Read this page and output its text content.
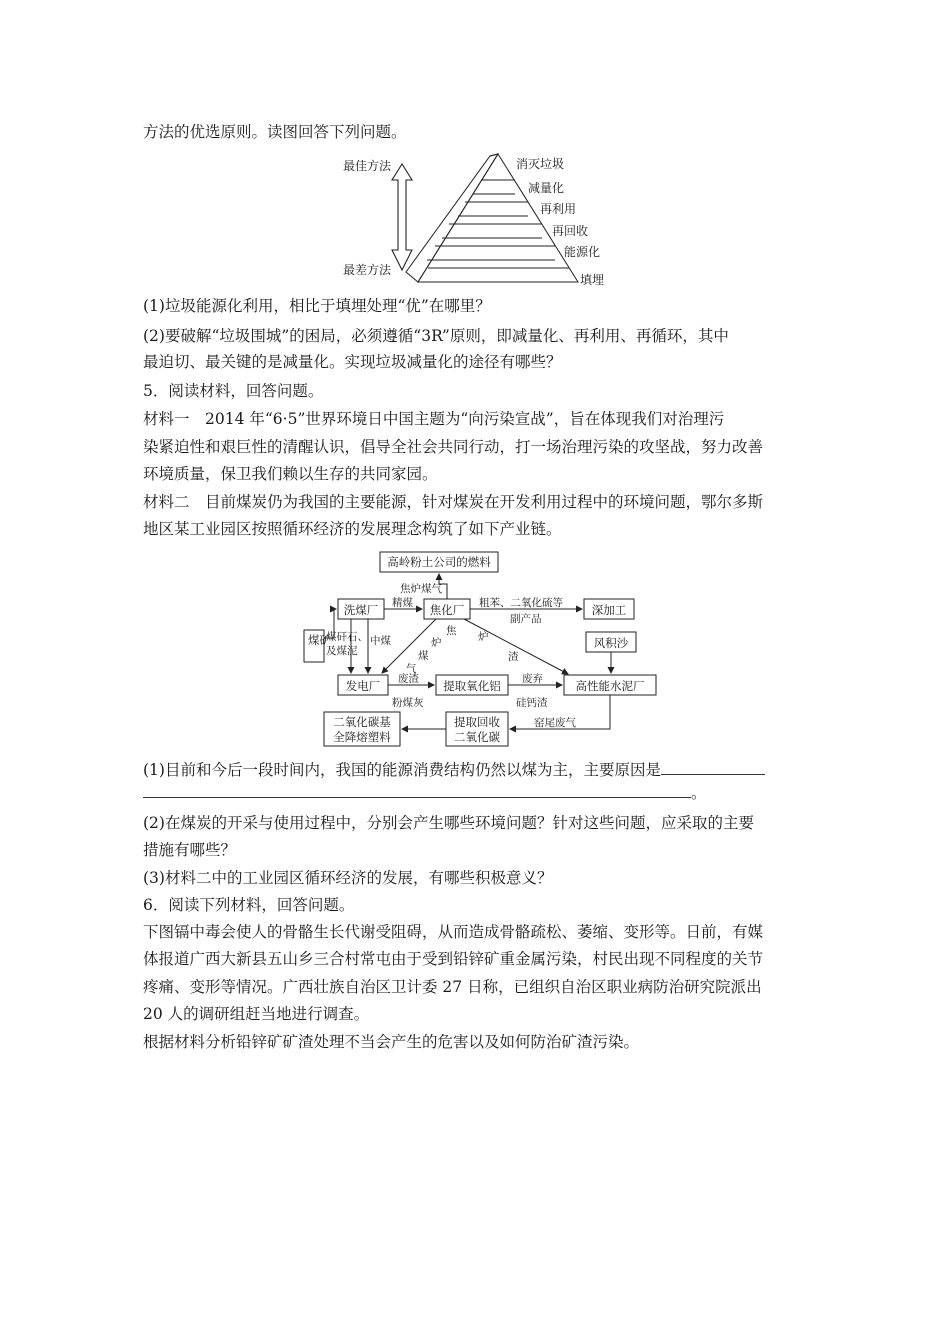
方法的优选原则。读图回答下列问题。
最佳方法
最差方法
消灭垃圾
减量化
再利用
再回收
能源化
填埋
(1)垃圾能源化利用，相比于填埋处理“优”在哪里？
(2)要破解“垃圾围城”的困局，必须遵循“3R”原则，即减量化、再利用、再循环，其中
最迫切、最关键的是减量化。实现垃圾减量化的途径有哪些？
5．阅读材料，回答问题。
材料一　2014 年“6·5”世界环境日中国主题为“向污染宣战”，旨在体现我们对治理污
染紧迫性和艰巨性的清醒认识，倡导全社会共同行动，打一场治理污染的攻坚战，努力改善
环境质量，保卫我们赖以生存的共同家园。
材料二　目前煤炭仍为我国的主要能源，针对煤炭在开发利用过程中的环境问题，鄂尔多斯
地区某工业园区按照循环经济的发展理念构筑了如下产业链。
高岭粉土公司的燃料
洗煤厂	焦化厂	深加工
风积沙
发电厂	提取氧化铝	高性能水泥厂
提取回收
二氧化碳
二氧化碳基
全降熔塑料
煤矿
焦炉煤气
精煤	粗苯、二氧化硫等
副产品
煤矸石、
及煤泥
中煤
焦
炉
煤
气
炉
渣
废渣
粉煤灰
废弃
硅钙渣
窑尾废气
(1)目前和今后一段时间内，我国的能源消费结构仍然以煤为主，主要原因是
。
(2)在煤炭的开采与使用过程中，分别会产生哪些环境问题？针对这些问题，应采取的主要
措施有哪些？
(3)材料二中的工业园区循环经济的发展，有哪些积极意义？
6．阅读下列材料，回答问题。
下图镉中毒会使人的骨骼生长代谢受阻碍，从而造成骨骼疏松、萎缩、变形等。日前，有媒
体报道广西大新县五山乡三合村常屯由于受到铅锌矿重金属污染，村民出现不同程度的关节
疼痛、变形等情况。广西壮族自治区卫计委 27 日称，已组织自治区职业病防治研究院派出
20 人的调研组赶当地进行调查。
根据材料分析铅锌矿矿渣处理不当会产生的危害以及如何防治矿渣污染。
